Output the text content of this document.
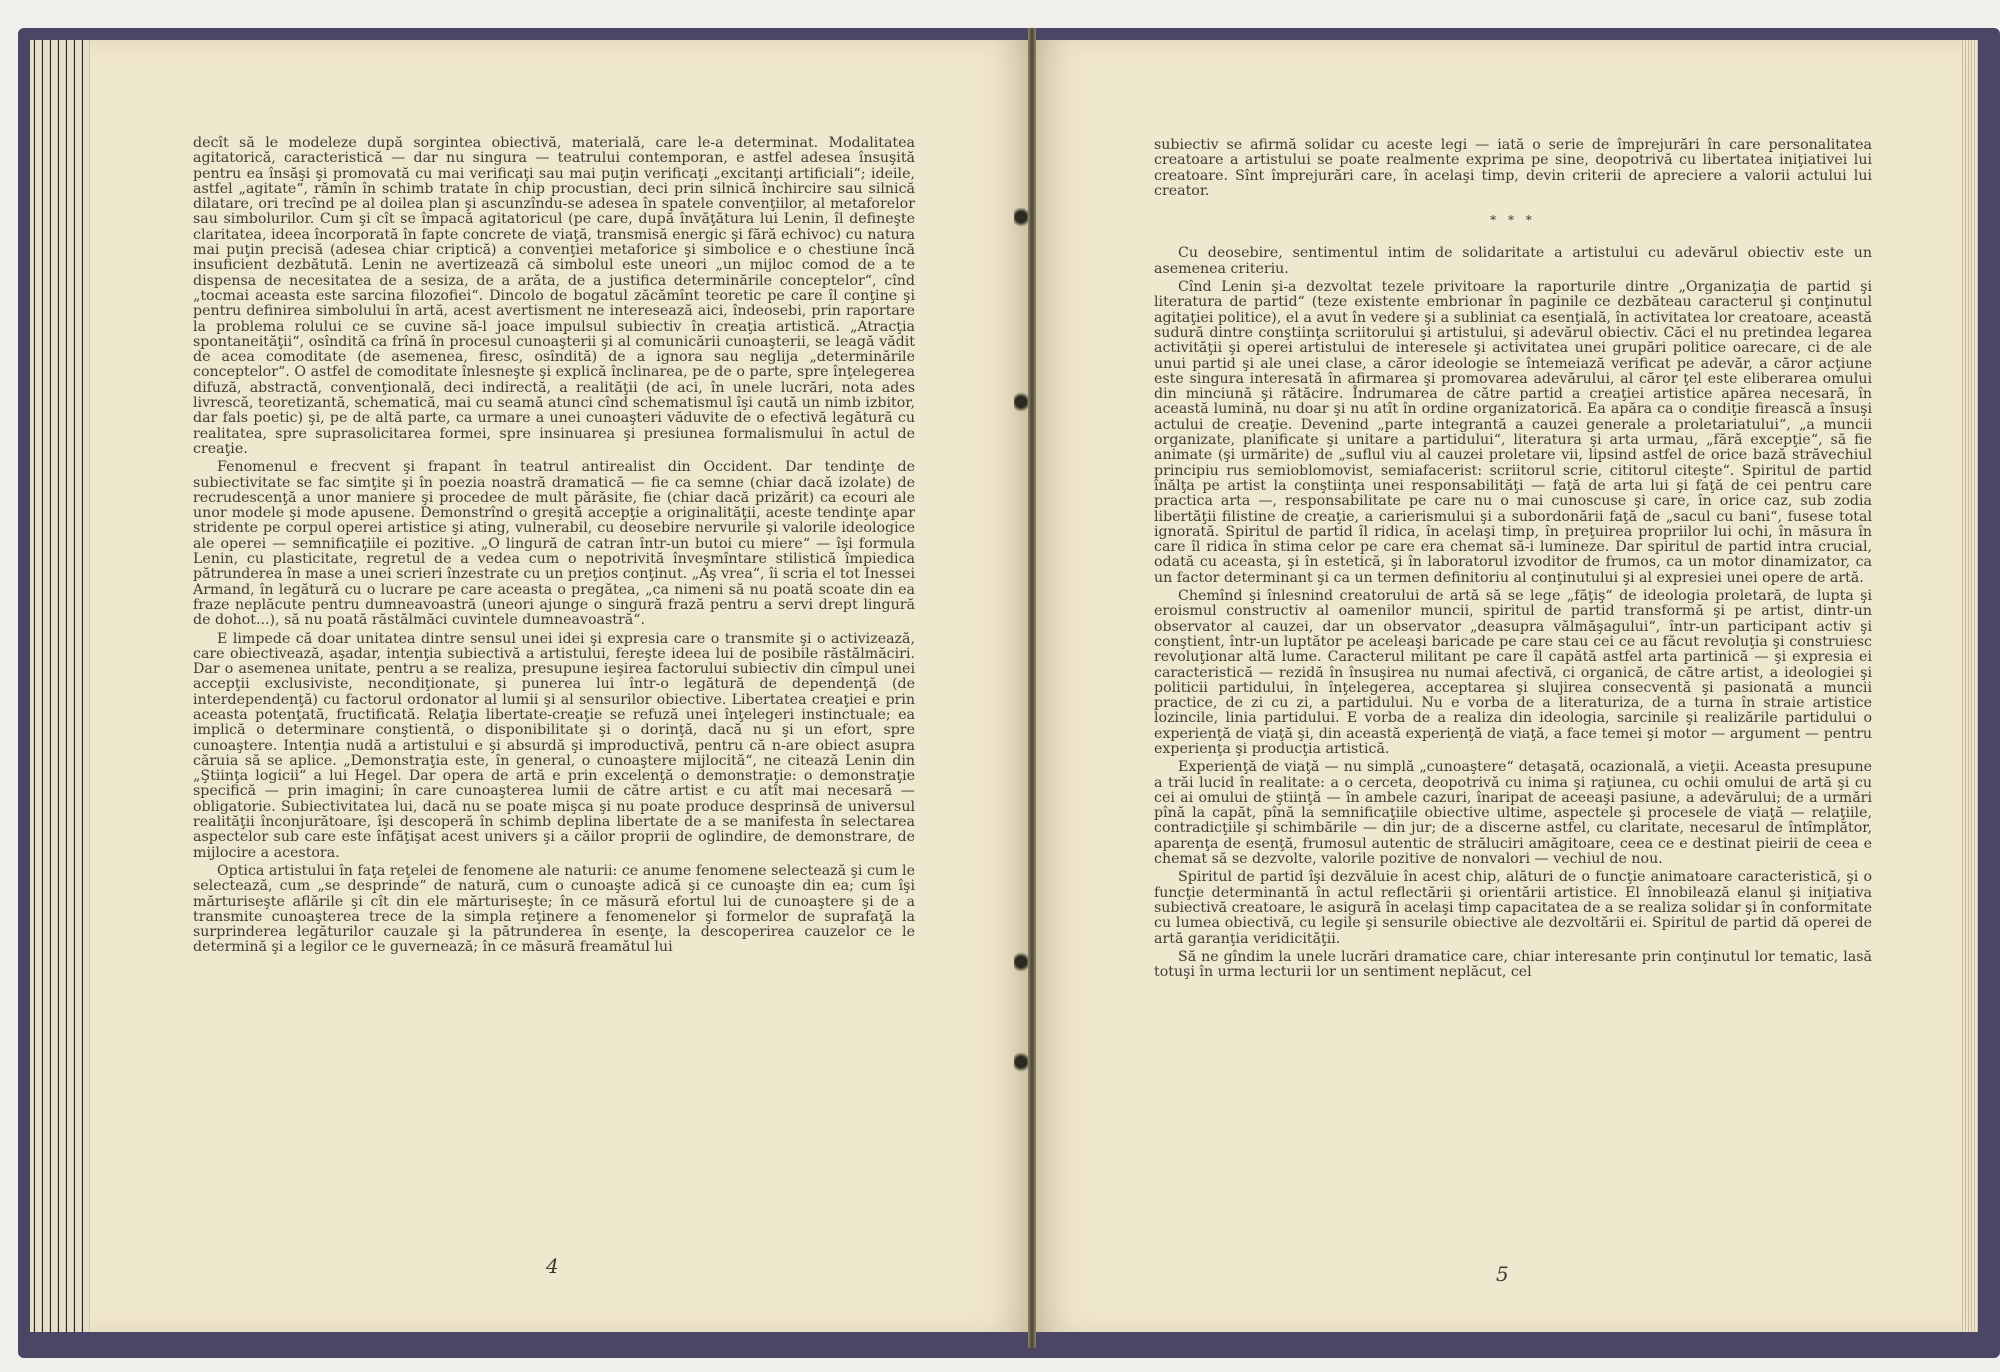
decît să le modeleze după sorgintea obiectivă, materială, care le-a determinat. Modalitatea agitatorică, caracteristică — dar nu singura — teatrului contemporan, e astfel adesea însuşită pentru ea însăşi şi promovată cu mai verificaţi sau mai puţin verificaţi „excitanţi artificiali“; ideile, astfel „agitate“, rămîn în schimb tratate în chip procustian, deci prin silnică închircire sau silnică dilatare, ori trecînd pe al doilea plan şi ascunzîndu-se adesea în spatele convenţiilor, al metaforelor sau simbolurilor. Cum şi cît se împacă agitatoricul (pe care, după învăţătura lui Lenin, îl defineşte claritatea, ideea încorporată în fapte concrete de viaţă, transmisă energic şi fără echivoc) cu natura mai puţin precisă (adesea chiar criptică) a convenţiei metaforice şi simbolice e o chestiune încă insuficient dezbătută. Lenin ne avertizează că simbolul este uneori „un mijloc comod de a te dispensa de necesitatea de a sesiza, de a arăta, de a justifica determinările conceptelor“, cînd „tocmai aceasta este sarcina filozofiei“. Dincolo de bogatul zăcămînt teoretic pe care îl conţine şi pentru definirea simbolului în artă, acest avertisment ne interesează aici, îndeosebi, prin raportare la problema rolului ce se cuvine să-l joace impulsul subiectiv în creaţia artistică. „Atracţia spontaneităţii“, osîndită ca frînă în procesul cunoaşterii şi al comunicării cunoaşterii, se leagă vădit de acea comoditate (de asemenea, firesc, osîndită) de a ignora sau neglija „determinările conceptelor“. O astfel de comoditate înlesneşte şi explică înclinarea, pe de o parte, spre înţelegerea difuză, abstractă, convenţională, deci indirectă, a realităţii (de aci, în unele lucrări, nota ades livrescă, teoretizantă, schematică, mai cu seamă atunci cînd schematismul îşi caută un nimb izbitor, dar fals poetic) şi, pe de altă parte, ca urmare a unei cunoaşteri văduvite de o efectivă legătură cu realitatea, spre suprasolicitarea formei, spre insinuarea şi presiunea formalismului în actul de creaţie.

Fenomenul e frecvent şi frapant în teatrul antirealist din Occident. Dar tendinţe de subiectivitate se fac simţite şi în poezia noastră dramatică — fie ca semne (chiar dacă izolate) de recrudescenţă a unor maniere şi procedee de mult părăsite, fie (chiar dacă prizărit) ca ecouri ale unor modele şi mode apusene. Demonstrînd o greşită accepţie a originalităţii, aceste tendinţe apar stridente pe corpul operei artistice şi ating, vulnerabil, cu deosebire nervurile şi valorile ideologice ale operei — semnificaţiile ei pozitive. „O lingură de catran într-un butoi cu miere“ — îşi formula Lenin, cu plasticitate, regretul de a vedea cum o nepotrivită înveşmîntare stilistică împiedica pătrunderea în mase a unei scrieri înzestrate cu un preţios conţinut. „Aş vrea“, îi scria el tot Inessei Armand, în legătură cu o lucrare pe care aceasta o pregătea, „ca nimeni să nu poată scoate din ea fraze neplăcute pentru dumneavoastră (uneori ajunge o singură frază pentru a servi drept lingură de dohot...), să nu poată răstălmăci cuvintele dumneavoastră“.

E limpede că doar unitatea dintre sensul unei idei şi expresia care o transmite şi o activizează, care obiectivează, aşadar, intenţia subiectivă a artistului, fereşte ideea lui de posibile răstălmăciri. Dar o asemenea unitate, pentru a se realiza, presupune ieşirea factorului subiectiv din cîmpul unei accepţii exclusiviste, necondiţionate, şi punerea lui într-o legătură de dependenţă (de interdependenţă) cu factorul ordonator al lumii şi al sensurilor obiective. Libertatea creaţiei e prin aceasta potenţată, fructificată. Relaţia libertate-creaţie se refuză unei înţelegeri instinctuale; ea implică o determinare conştientă, o disponibilitate şi o dorinţă, dacă nu şi un efort, spre cunoaştere. Intenţia nudă a artistului e şi absurdă şi improductivă, pentru că n-are obiect asupra căruia să se aplice. „Demonstraţia este, în general, o cunoaştere mijlocită“, ne citează Lenin din „Ştiinţa logicii“ a lui Hegel. Dar opera de artă e prin excelenţă o demonstraţie: o demonstraţie specifică — prin imagini; în care cunoaşterea lumii de către artist e cu atît mai necesară — obligatorie. Subiectivitatea lui, dacă nu se poate mişca şi nu poate produce desprinsă de universul realităţii înconjurătoare, îşi descoperă în schimb deplina libertate de a se manifesta în selectarea aspectelor sub care este înfăţişat acest univers şi a căilor proprii de oglindire, de demonstrare, de mijlocire a acestora.

Optica artistului în faţa reţelei de fenomene ale naturii: ce anume fenomene selectează şi cum le selectează, cum „se desprinde“ de natură, cum o cunoaşte adică şi ce cunoaşte din ea; cum îşi mărturiseşte aflările şi cît din ele mărturiseşte; în ce măsură efortul lui de cunoaştere şi de a transmite cunoaşterea trece de la simpla reţinere a fenomenelor şi formelor de suprafaţă la surprinderea legăturilor cauzale şi la pătrunderea în esenţe, la descoperirea cauzelor ce le determină şi a legilor ce le guvernează; în ce măsură freamătul lui

4

subiectiv se afirmă solidar cu aceste legi — iată o serie de împrejurări în care personalitatea creatoare a artistului se poate realmente exprima pe sine, deopotrivă cu libertatea iniţiativei lui creatoare. Sînt împrejurări care, în acelaşi timp, devin criterii de apreciere a valorii actului lui creator.

* * *

Cu deosebire, sentimentul intim de solidaritate a artistului cu adevărul obiectiv este un asemenea criteriu.

Cînd Lenin şi-a dezvoltat tezele privitoare la raporturile dintre „Organizaţia de partid şi literatura de partid“ (teze existente embrionar în paginile ce dezbăteau caracterul şi conţinutul agitaţiei politice), el a avut în vedere şi a subliniat ca esenţială, în activitatea lor creatoare, această sudură dintre conştiinţa scriitorului şi artistului, şi adevărul obiectiv. Căci el nu pretindea legarea activităţii şi operei artistului de interesele şi activitatea unei grupări politice oarecare, ci de ale unui partid şi ale unei clase, a căror ideologie se întemeiază verificat pe adevăr, a căror acţiune este singura interesată în afirmarea şi promovarea adevărului, al căror ţel este eliberarea omului din minciună şi rătăcire. Îndrumarea de către partid a creaţiei artistice apărea necesară, în această lumină, nu doar şi nu atît în ordine organizatorică. Ea apăra ca o condiţie firească a însuşi actului de creaţie. Devenind „parte integrantă a cauzei generale a proletariatului“, „a muncii organizate, planificate şi unitare a partidului“, literatura şi arta urmau, „fără excepţie“, să fie animate (şi urmărite) de „suflul viu al cauzei proletare vii, lipsind astfel de orice bază străvechiul principiu rus semioblomovist, semiafacerist: scriitorul scrie, cititorul citeşte“. Spiritul de partid înălţa pe artist la conştiinţa unei responsabilităţi — faţă de arta lui şi faţă de cei pentru care practica arta —, responsabilitate pe care nu o mai cunoscuse şi care, în orice caz, sub zodia libertăţii filistine de creaţie, a carierismului şi a subordonării faţă de „sacul cu bani“, fusese total ignorată. Spiritul de partid îl ridica, în acelaşi timp, în preţuirea propriilor lui ochi, în măsura în care îl ridica în stima celor pe care era chemat să-i lumineze. Dar spiritul de partid intra crucial, odată cu aceasta, şi în estetică, şi în laboratorul izvoditor de frumos, ca un motor dinamizator, ca un factor determinant şi ca un termen definitoriu al conţinutului şi al expresiei unei opere de artă.

Chemînd şi înlesnind creatorului de artă să se lege „făţiş“ de ideologia proletară, de lupta şi eroismul constructiv al oamenilor muncii, spiritul de partid transformă şi pe artist, dintr-un observator al cauzei, dar un observator „deasupra vălmăşagului“, într-un participant activ şi conştient, într-un luptător pe aceleaşi baricade pe care stau cei ce au făcut revoluţia şi construiesc revoluţionar altă lume. Caracterul militant pe care îl capătă astfel arta partinică — şi expresia ei caracteristică — rezidă în însuşirea nu numai afectivă, ci organică, de către artist, a ideologiei şi politicii partidului, în înţelegerea, acceptarea şi slujirea consecventă şi pasionată a muncii practice, de zi cu zi, a partidului. Nu e vorba de a literaturiza, de a turna în straie artistice lozincile, linia partidului. E vorba de a realiza din ideologia, sarcinile şi realizările partidului o experienţă de viaţă şi, din această experienţă de viaţă, a face temei şi motor — argument — pentru experienţa şi producţia artistică.

Experienţă de viaţă — nu simplă „cunoaştere“ detaşată, ocazională, a vieţii. Aceasta presupune a trăi lucid în realitate: a o cerceta, deopotrivă cu inima şi raţiunea, cu ochii omului de artă şi cu cei ai omului de ştiinţă — în ambele cazuri, înaripat de aceeaşi pasiune, a adevărului; de a urmări pînă la capăt, pînă la semnificaţiile obiective ultime, aspectele şi procesele de viaţă — relaţiile, contradicţiile şi schimbările — din jur; de a discerne astfel, cu claritate, necesarul de întîmplător, aparenţa de esenţă, frumosul autentic de străluciri amăgitoare, ceea ce e destinat pieirii de ceea e chemat să se dezvolte, valorile pozitive de nonvalori — vechiul de nou.

Spiritul de partid îşi dezvăluie în acest chip, alături de o funcţie animatoare caracteristică, şi o funcţie determinantă în actul reflectării şi orientării artistice. El înnobilează elanul şi iniţiativa subiectivă creatoare, le asigură în acelaşi timp capacitatea de a se realiza solidar şi în conformitate cu lumea obiectivă, cu legile şi sensurile obiective ale dezvoltării ei. Spiritul de partid dă operei de artă garanţia veridicităţii.

Să ne gîndim la unele lucrări dramatice care, chiar interesante prin conţinutul lor tematic, lasă totuşi în urma lecturii lor un sentiment neplăcut, cel

5
